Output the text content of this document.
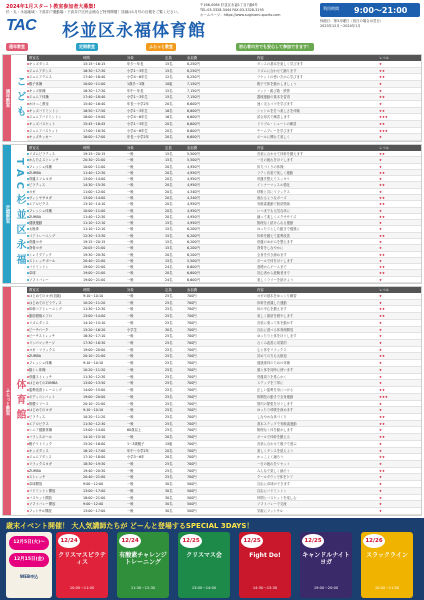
2024年1月スタート教室参加者大募集!
杉・丸・永福地域・下高井戸運動場・下高井戸区民会館など特別開催！詳細は1月号の区報をご覧ください。
TAC 杉並区永福体育館
〒168-0064 杉並区永福1丁目7番6号
TEL:03-3328-3444 FAX:03-3328-3195
ホームページ：https://www.suginami-sports.com
利用時間 9:00〜21:00
休館日：第3月曜日（祝日の場合は翌日）
2023年12月〜2024年1月
通年教室	定期教室	ふらっと教室	初心者の方でも安心して参加できます！
通年教室 こども
教室名	時間	対象	定員	参加費	内容	レベル
キッズダンス	15:15〜16:15	年少〜年長	15名	8,250円	ダンスの基本を楽しく学びます	★
ジュニアダンス	16:30〜17:30	小学1〜3年生	15名	8,250円	リズムに合わせて踊ります	★★
ジュニアテニス	17:40〜18:40	小学4〜6年生	12名	8,250円	ラケットの使い方から学びます	★★
親子体操	10:00〜11:00	1歳半〜3歳	10組	7,150円	親子で体を動かしましょう	★
キッズ体操	16:30〜17:30	年中〜年長	15名	7,150円	マット・跳び箱・鉄棒	★
ジュニア体操	17:40〜18:40	小学1〜3年生	15名	7,150円	器械運動の基本を習得	★★
かけっこ教室	15:40〜16:40	年長〜小学2年	20名	6,600円	速く走るコツを学びます	★
キッズバドミントン	16:50〜17:50	小学1〜3年生	16名	6,600円	シャトルを打つ楽しさを体験	★★
ジュニアバドミントン	18:00〜19:00	小学4〜6年生	16名	6,600円	試合形式で練習します	★★★
キッズバスケット	15:45〜16:45	小学1〜3年生	20名	6,600円	ドリブル・シュートの練習	★★
ジュニアバスケット	17:00〜18:30	小学4〜6年生	20名	6,600円	チームプレーを学びます	★★★
キッズサッカー	16:00〜17:00	年長〜小学2年	20名	6,600円	ボールに慣れて楽しく	★
定期教室 TAC杉並区永福
教室名	時間	対象	定員	参加費	内容	レベル
リズムピラティス	19:15〜20:15	一般	15名	5,500円	音楽に合わせて体幹を鍛えます	★★
かんたんストレッチ	20:30〜21:00	一般	15名	5,500円	一日の疲れをほぐします	★
フレッシュ体操	10:00〜11:00	一般	20名	4,950円	体力づくりの体操	★
ZUMBA	11:40〜12:30	一般	20名	4,950円	ラテン音楽で楽しく運動	★★
骨盤スリムヨガ	13:00〜14:00	一般	20名	4,950円	骨盤を整えてスッキリ	★
ピラティス	14:30〜15:30	一般	20名	4,950円	インナーマッスル強化	★★
ヨガ	11:00〜12:00	一般	20名	4,340円	呼吸と共にリラックス	★
ヴィンヤサヨガ	13:00〜14:00	一般	20名	4,340円	流れるようなポーズ	★★
エアロビクス	13:10〜14:10	一般	20名	4,950円	有酸素運動で脂肪燃焼	★★
フレッシュ体操	10:00〜11:00	一般	20名	4,950円	いつまでも元気な体に	★
ZUMBA	11:40〜12:30	一般	20名	4,950円	踊って楽しくエクササイズ	★★
健康運動	11:10〜12:10	一般	15名	4,950円	無理なく続けられる運動	★
太極拳	11:10〜12:10	一般	15名	6,200円	ゆったりとした動きで健康に	★
コアトレーニング	12:30〜13:30	一般	15名	6,200円	体幹を鍛えて姿勢改善	★★
骨盤ヨガ	19:15〜20:15	一般	15名	6,200円	骨盤のゆがみを整えます	★
背骨ヨガ	20:05〜21:00	一般	15名	6,200円	背骨をしなやかに	★
シェイプアップ	19:30〜20:30	一般	20名	6,200円	全身を引き締めます	★★
ストレッチポール	20:40〜21:00	一般	15名	5,500円	ポールで体をほぐします	★
バドミントン	19:00〜21:00	一般	24名	6,600円	基礎からゲームまで	★★
卓球	19:00〜21:00	一般	20名	6,600円	初心者から経験者まで	★★
ソフトバレー	19:00〜21:00	一般	24名	6,600円	楽しくラリーを続けよう	★
ふらっと教室 体育館
教室名	時間	対象	定員	参加費	内容	レベル
はじめてのヨガ(初級)	9:10〜10:10	一般	25名	700円	ヨガの基本をゆっくり練習	★
はじめてのピラティス	10:20〜11:20	一般	25名	700円	体幹を意識した運動	★
体幹コアトレーニング	11:30〜12:30	一般	25名	700円	体の中心を鍛えます	★★
脂肪燃焼エアロ	13:00〜14:00	一般	25名	700円	楽しく脂肪を燃やします	★★
リズムダンス	14:10〜15:10	一般	25名	700円	音楽に乗って体を動かす	★
ピーチパーク	15:20〜16:20	小学生	30名	700円	自由に遊べる体育館開放	★
ビーチストレッチ	16:30〜17:10	一般	25名	700円	ゆったりと体をほぐします	★
リンパマッサージ	17:30〜18:30	一般	25名	700円	むくみ改善に効果的	★
ヨガ・リラックス	19:00〜20:00	一般	25名	700円	心と体をリラックス	★
ZUMBA	20:10〜21:00	一般	25名	700円	初めての方も大歓迎	★★
フレッシュ体操	9:10〜10:10	一般	25名	700円	健康維持のための体操	★
脳トレ体操	10:20〜11:20	一般	25名	700円	頭と体を同時に使います	★
骨盤ストレッチ	11:30〜12:30	一般	25名	700円	骨盤周りを柔らかく	★
はじめてのZUMBA	13:00〜13:50	一般	25名	700円	ステップを丁寧に	★
姿勢改善トレーニング	14:00〜15:00	一般	25名	700円	正しい姿勢を身につける	★★
ボディコンバット	19:00〜20:00	一般	25名	700円	格闘技の動きで全身運動	★★★
筋膜リリース	20:10〜21:00	一般	25名	700円	筋肉の緊張をほぐします	★
はじめてのヨガ	9:10〜10:10	一般	25名	700円	ゆったり呼吸を深めます	★
ピラティス	10:20〜11:20	一般	25名	700円	しなやかな体づくり	★★
エアロビクス	11:30〜12:30	一般	25名	700円	基本ステップで有酸素運動	★★
シニア健康体操	13:00〜14:00	60歳以上	25名	700円	無理なく体を動かします	★
バランスボール	14:10〜15:10	一般	20名	700円	ボールで体幹を鍛える	★★
親子リトミック	15:20〜16:00	1〜3歳親子	15組	700円	音楽に合わせて親子で遊ぶ	★
キッズダンス	16:10〜17:00	年中〜小学2年	20名	700円	楽しくダンスを覚えよう	★
ジュニアダンス	17:10〜18:00	小学3〜6年	20名	700円	かっこよく踊ろう	★★
リラックスヨガ	18:30〜19:30	一般	25名	700円	一日の疲れをリセット	★
ZUMBA	19:40〜20:30	一般	25名	700円	みんなで楽しく踊ろう	★★
ストレッチ	20:40〜21:00	一般	25名	700円	クールダウンで体をケア	★
卓球開放	9:00〜12:00	一般	30名	500円	自由に卓球ができます	★
バドミントン開放	13:00〜17:00	一般	30名	500円	自由にバドミントン	★
バスケット開放	18:00〜21:00	一般	30名	500円	仲間とバスケットを楽しむ	★
ソフトバレー開放	9:00〜12:00	一般	30名	500円	ソフトバレーで交流	★
フットサル開放	13:00〜17:00	一般	30名	500円	気軽にフットサル	★
歳末イベント開催！ 大人気講師たちが どーんと登場するSPECIAL 3DAYS！
12月5日(火)〜
12月15日(金)
WEB申込
12/24
クリスマスピラティス
10:00〜11:00
12/24
有酸素チャレンジトレーニング
11:30〜12:30
12/25
クリスマス会
13:00〜14:00
12/25
Fight Do!
14:30〜15:30
12/25
キャンドルナイトヨガ
19:00〜20:00
12/26
スラックライン
10:00〜11:00
